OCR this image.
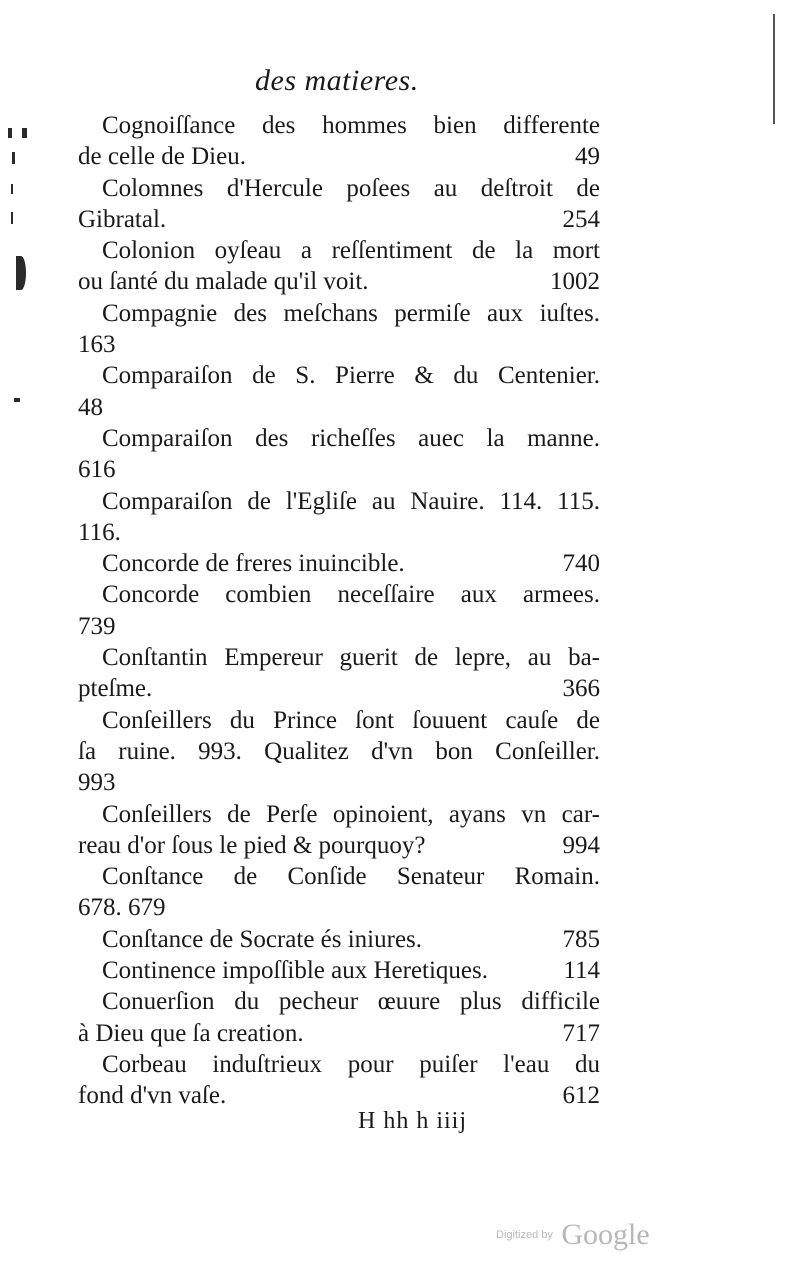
des matieres.
Cognoiſſance des hommes bien differente
de celle de Dieu.	49
Colomnes d'Hercule poſees au deſtroit de
Gibratal.	254
Colonion oyſeau a reſſentiment de la mort
ou ſanté du malade qu'il voit.	1002
Compagnie des meſchans permiſe aux iuſtes.
163
Comparaiſon de S. Pierre & du Centenier.
48
Comparaiſon des richeſſes auec la manne.
616
Comparaiſon de l'Egliſe au Nauire. 114. 115.
116.
Concorde de freres inuincible.	740
Concorde combien neceſſaire aux armees.
739
Conſtantin Empereur guerit de lepre, au ba-
pteſme.	366
Conſeillers du Prince ſont ſouuent cauſe de
ſa ruine. 993. Qualitez d'vn bon Conſeiller.
993
Conſeillers de Perſe opinoient, ayans vn car-
reau d'or ſous le pied & pourquoy?	994
Conſtance de Conſide Senateur Romain.
678. 679
Conſtance de Socrate és iniures.	785
Continence impoſſible aux Heretiques.	114
Conuerſion du pecheur œuure plus difficile
à Dieu que ſa creation.	717
Corbeau induſtrieux pour puiſer l'eau du
fond d'vn vaſe.	612
H hh h iiij
Digitized by Google
